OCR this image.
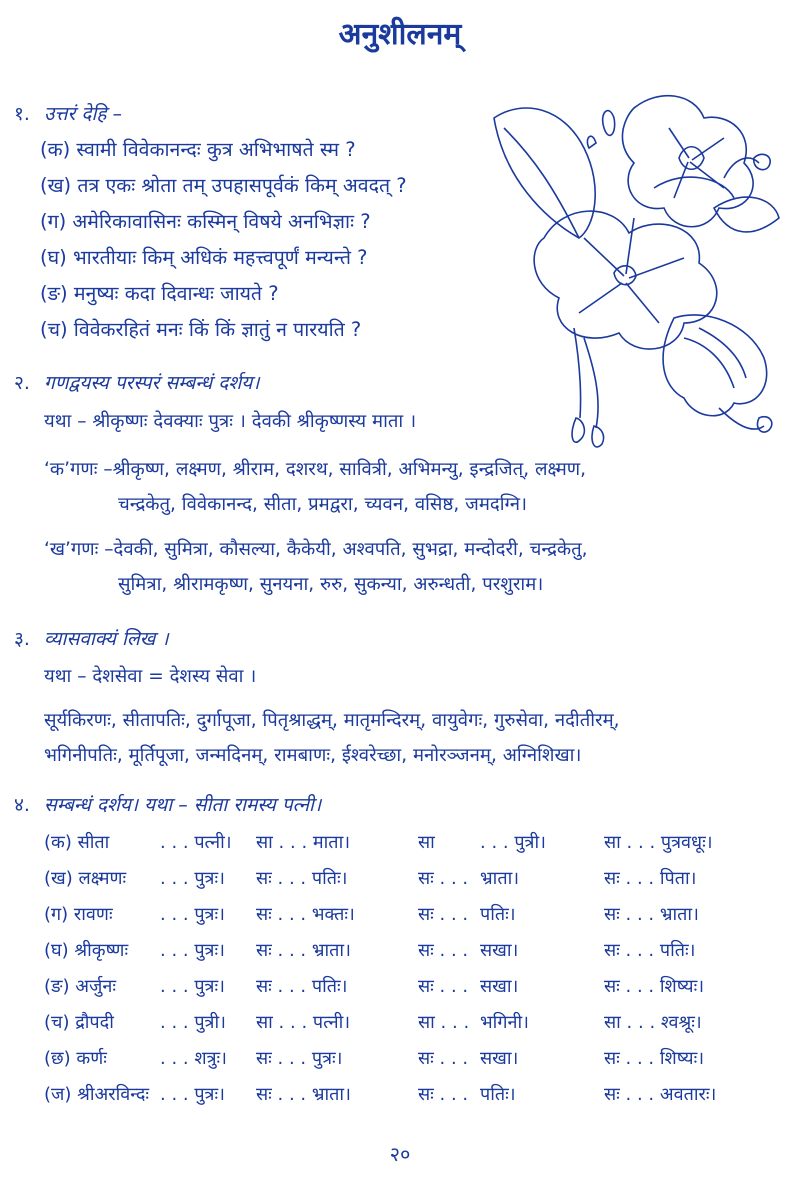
अनुशीलनम्
१. उत्तरं देहि –
(क) स्वामी विवेकानन्दः कुत्र अभिभाषते स्म ?
(ख) तत्र एकः श्रोता तम् उपहासपूर्वकं किम् अवदत् ?
(ग) अमेरिकावासिनः कस्मिन् विषये अनभिज्ञाः ?
(घ) भारतीयाः किम् अधिकं महत्त्वपूर्णं मन्यन्ते ?
(ङ) मनुष्यः कदा दिवान्धः जायते ?
(च) विवेकरहितं मनः किं किं ज्ञातुं न पारयति ?
२. गणद्वयस्य परस्परं सम्बन्धं दर्शय।
यथा – श्रीकृष्णः देवक्याः पुत्रः । देवकी श्रीकृष्णस्य माता ।
‘क’गणः –श्रीकृष्ण, लक्ष्मण, श्रीराम, दशरथ, सावित्री, अभिमन्यु, इन्द्रजित्, लक्ष्मण,
चन्द्रकेतु, विवेकानन्द, सीता, प्रमद्वरा, च्यवन, वसिष्ठ, जमदग्नि।
‘ख’गणः –देवकी, सुमित्रा, कौसल्या, कैकेयी, अश्वपति, सुभद्रा, मन्दोदरी, चन्द्रकेतु,
सुमित्रा, श्रीरामकृष्ण, सुनयना, रुरु, सुकन्या, अरुन्धती, परशुराम।
३. व्यासवाक्यं लिख ।
यथा – देशसेवा = देशस्य सेवा ।
सूर्यकिरणः, सीतापतिः, दुर्गापूजा, पितृश्राद्धम्, मातृमन्दिरम्, वायुवेगः, गुरुसेवा, नदीतीरम्,
भगिनीपतिः, मूर्तिपूजा, जन्मदिनम्, रामबाणः, ईश्वरेच्छा, मनोरञ्जनम्, अग्निशिखा।
४. सम्बन्धं दर्शय। यथा – सीता रामस्य पत्नी।
(क) सीता	. . . पत्नी। सा . . . माता।	सा	. . . पुत्री।	सा . . . पुत्रवधूः।
(ख) लक्ष्मणः . . . पुत्रः। सः . . . पतिः।	सः . . . भ्राता।	सः . . . पिता।
(ग) रावणः	. . . पुत्रः। सः . . . भक्तः।	सः . . . पतिः।	सः . . . भ्राता।
(घ) श्रीकृष्णः . . . पुत्रः। सः . . . भ्राता।	सः . . . सखा।	सः . . . पतिः।
(ङ) अर्जुनः . . . पुत्रः। सः . . . पतिः।	सः . . . सखा।	सः . . . शिष्यः।
(च) द्रौपदी	. . . पुत्री। सा . . . पत्नी।	सा . . . भगिनी।	सा . . . श्वश्रूः।
(छ) कर्णः	. . . शत्रुः। सः . . . पुत्रः।	सः . . . सखा।	सः . . . शिष्यः।
(ज) श्रीअरविन्दः . . . पुत्रः। सः . . . भ्राता।	सः . . . पतिः।	सः . . . अवतारः।
२०
